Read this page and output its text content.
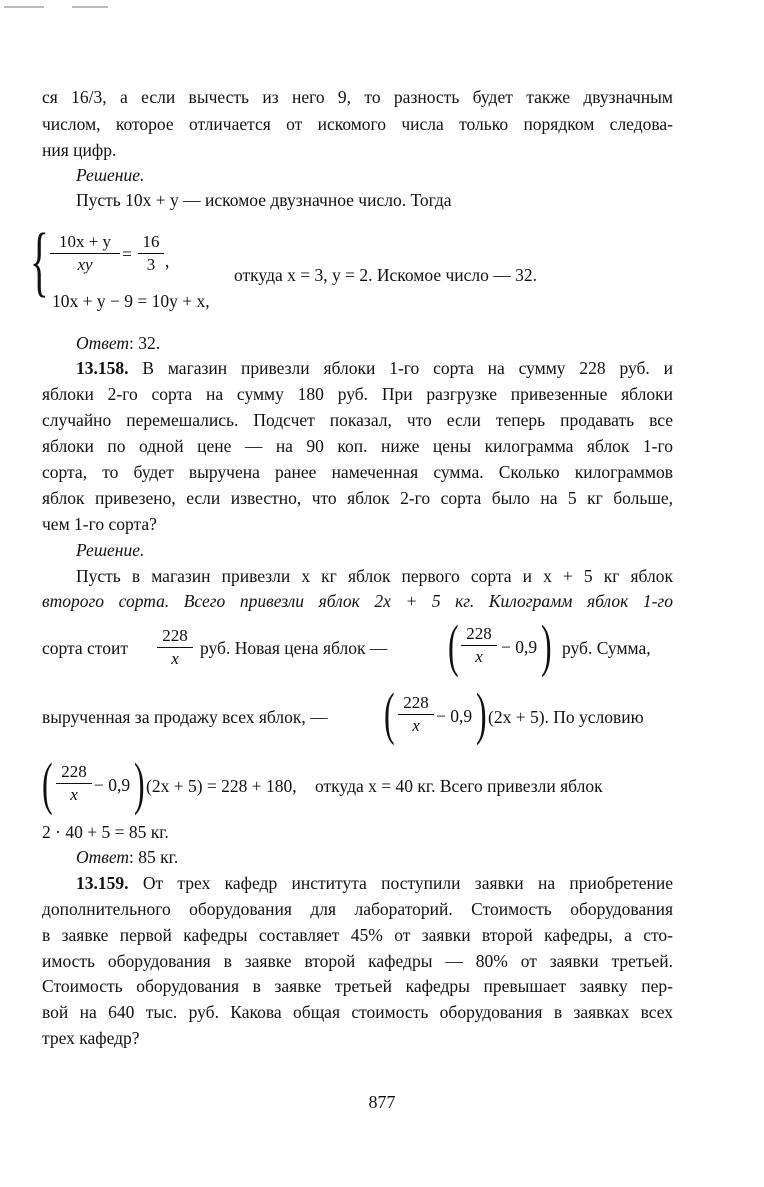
ся 16/3, а если вычесть из него 9, то разность будет также двузначным
числом, которое отличается от искомого числа только порядком следова-
ния цифр.
Решение.
Пусть 10x + y — искомое двузначное число. Тогда
{ 10x + y
xy
=
16
3 ,
10x + y − 9 = 10y + x,
откуда x = 3, y = 2. Искомое число — 32.
Ответ: 32.
13.158. В магазин привезли яблоки 1-го сорта на сумму 228 руб. и
яблоки 2-го сорта на сумму 180 руб. При разгрузке привезенные яблоки
случайно перемешались. Подсчет показал, что если теперь продавать все
яблоки по одной цене — на 90 коп. ниже цены килограмма яблок 1-го
сорта, то будет выручена ранее намеченная сумма. Сколько килограммов
яблок привезено, если известно, что яблок 2-го сорта было на 5 кг больше,
чем 1-го сорта?
Решение.
Пусть в магазин привезли x кг яблок первого сорта и x + 5 кг яблок
второго сорта. Всего привезли яблок 2x + 5 кг. Килограмм яблок 1-го
сорта стоит
228
x
руб. Новая цена яблок — ( 228
x	− 0,9 ) руб. Сумма,
вырученная за продажу всех яблок, — ( 228
x − 0,9 ) (2x + 5). По условию
( 228
x − 0,9 ) (2x + 5) = 228 + 180, откуда x = 40 кг. Всего привезли яблок
2 · 40 + 5 = 85 кг.
Ответ: 85 кг.
13.159. От трех кафедр института поступили заявки на приобретение
дополнительного оборудования для лабораторий. Стоимость оборудования
в заявке первой кафедры составляет 45% от заявки второй кафедры, а сто-
имость оборудования в заявке второй кафедры — 80% от заявки третьей.
Стоимость оборудования в заявке третьей кафедры превышает заявку пер-
вой на 640 тыс. руб. Какова общая стоимость оборудования в заявках всех
трех кафедр?
877
